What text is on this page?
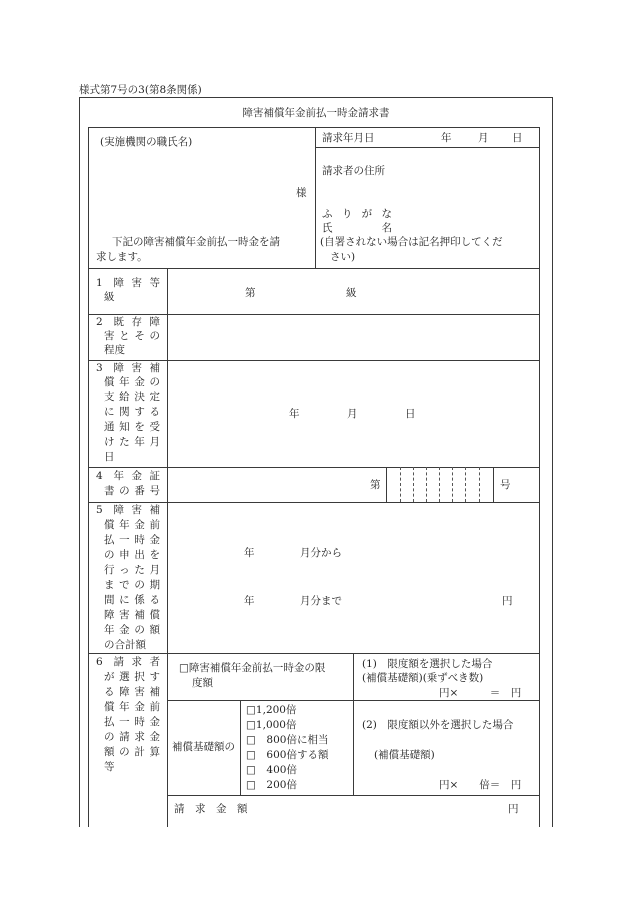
様式第7号の3(第8条関係)
障害補償年金前払一時金請求書
(実施機関の職氏名)
様
下記の障害補償年金前払一時金を請
求します。
請求年月日	年	月 日
請求者の住所
ふりがな
氏名
(自署されない場合は記名押印してくだ
さい)
1 障害等
級	第	級
2 既存障
害とその
程度
3 障害補
償年金の
支給決定
に関する
通知を受
けた年月
日
年	月	日
4 年金証
書の番号	第	号
5 障害補
償年金前
払一時金
の申出を
行った月
までの期
間に係る
障害補償
年金の額
の合計額
年	月分から
年	月分まで	円
6 請求者
が選択す
る障害補
償年金前
払一時金
の請求金
額の計算
等
□障害補償年金前払一時金の限
度額
(1)　限度額を選択した場合
(補償基礎額)(乗ずべき数)
円×　　　＝　円
補償基礎額の
□1,200倍
□1,000倍
□　800倍に相当
□　600倍する額
□　400倍
□　200倍
(2)　限度額以外を選択した場合
(補償基礎額)
円×　　倍＝　円
請　求　金　額	円
